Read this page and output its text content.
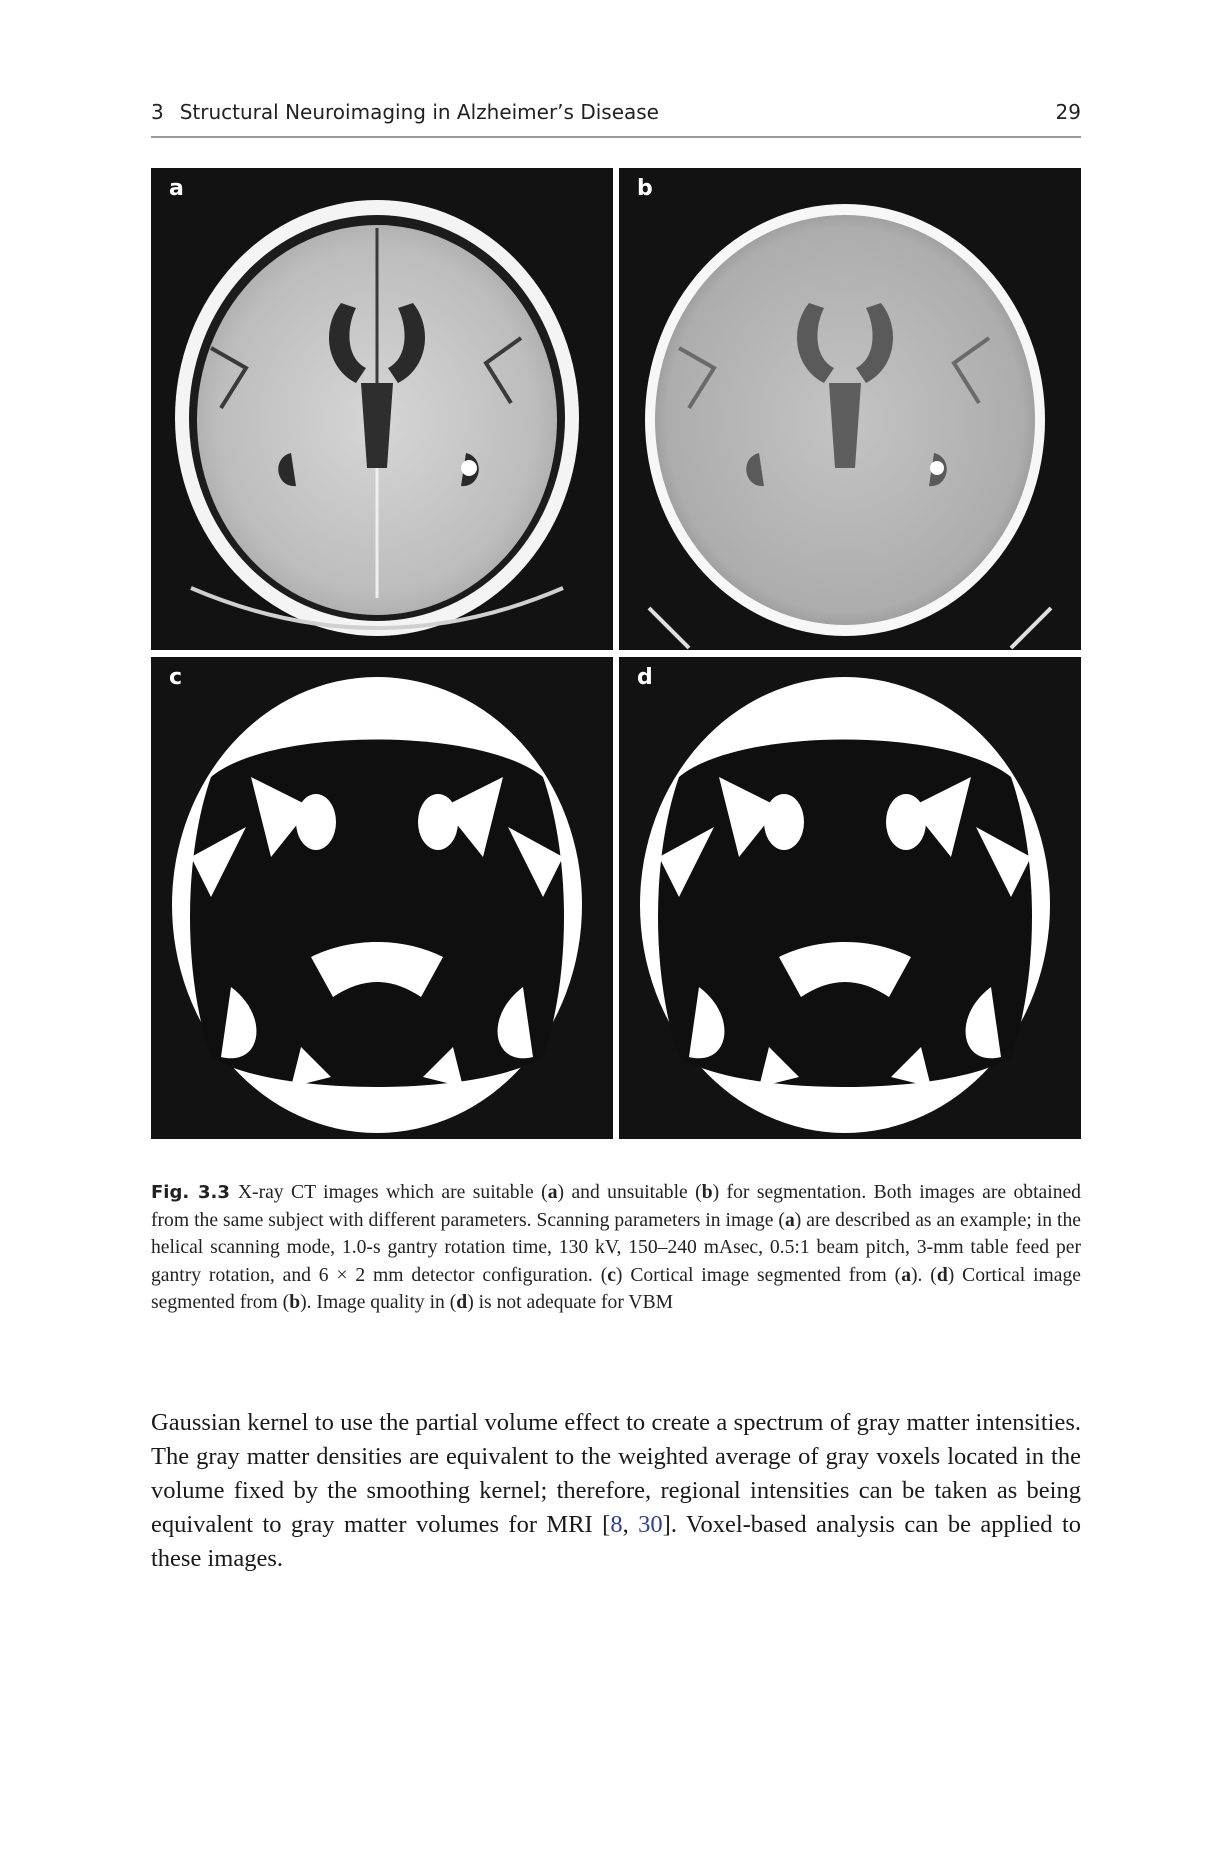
3 Structural Neuroimaging in Alzheimer’s Disease	29
a	b
c	d
Fig. 3.3 X-ray CT images which are suitable (a) and unsuitable (b) for segmentation. Both images are obtained from the same subject with different parameters. Scanning parameters in image (a) are described as an example; in the helical scanning mode, 1.0-s gantry rotation time, 130 kV, 150–240 mAsec, 0.5:1 beam pitch, 3-mm table feed per gantry rotation, and 6 × 2 mm detector configuration. (c) Cortical image segmented from (a). (d) Cortical image segmented from (b). Image quality in (d) is not adequate for VBM
Gaussian kernel to use the partial volume effect to create a spectrum of gray matter intensities. The gray matter densities are equivalent to the weighted average of gray voxels located in the volume fixed by the smoothing kernel; therefore, regional intensities can be taken as being equivalent to gray matter volumes for MRI [8, 30]. Voxel-based analysis can be applied to these images.
